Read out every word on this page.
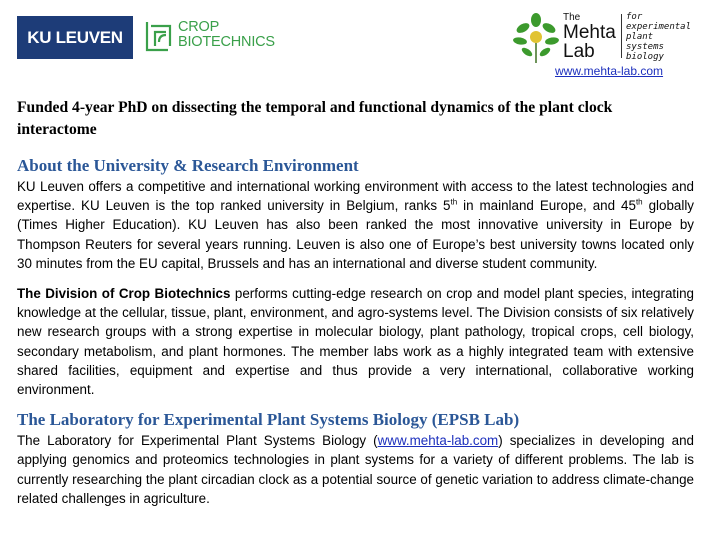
KU LEUVEN
CROP
BIOTECHNICS
The
Mehta
Lab
for
experimental
plant
systems
biology
www.mehta-lab.com

Funded 4-year PhD on dissecting the temporal and functional dynamics of the plant clock interactome

About the University & Research Environment

KU Leuven offers a competitive and international working environment with access to the latest technologies and expertise. KU Leuven is the top ranked university in Belgium, ranks 5th in mainland Europe, and 45th globally (Times Higher Education). KU Leuven has also been ranked the most innovative university in Europe by Thompson Reuters for several years running. Leuven is also one of Europe’s best university towns located only 30 minutes from the EU capital, Brussels and has an international and diverse student community.

The Division of Crop Biotechnics performs cutting-edge research on crop and model plant species, integrating knowledge at the cellular, tissue, plant, environment, and agro-systems level. The Division consists of six relatively new research groups with a strong expertise in molecular biology, plant pathology, tropical crops, cell biology, secondary metabolism, and plant hormones. The member labs work as a highly integrated team with extensive shared facilities, equipment and expertise and thus provide a very international, collaborative working environment.

The Laboratory for Experimental Plant Systems Biology (EPSB Lab)

The Laboratory for Experimental Plant Systems Biology (www.mehta-lab.com) specializes in developing and applying genomics and proteomics technologies in plant systems for a variety of different problems. The lab is currently researching the plant circadian clock as a potential source of genetic variation to address climate-change related challenges in agriculture.
